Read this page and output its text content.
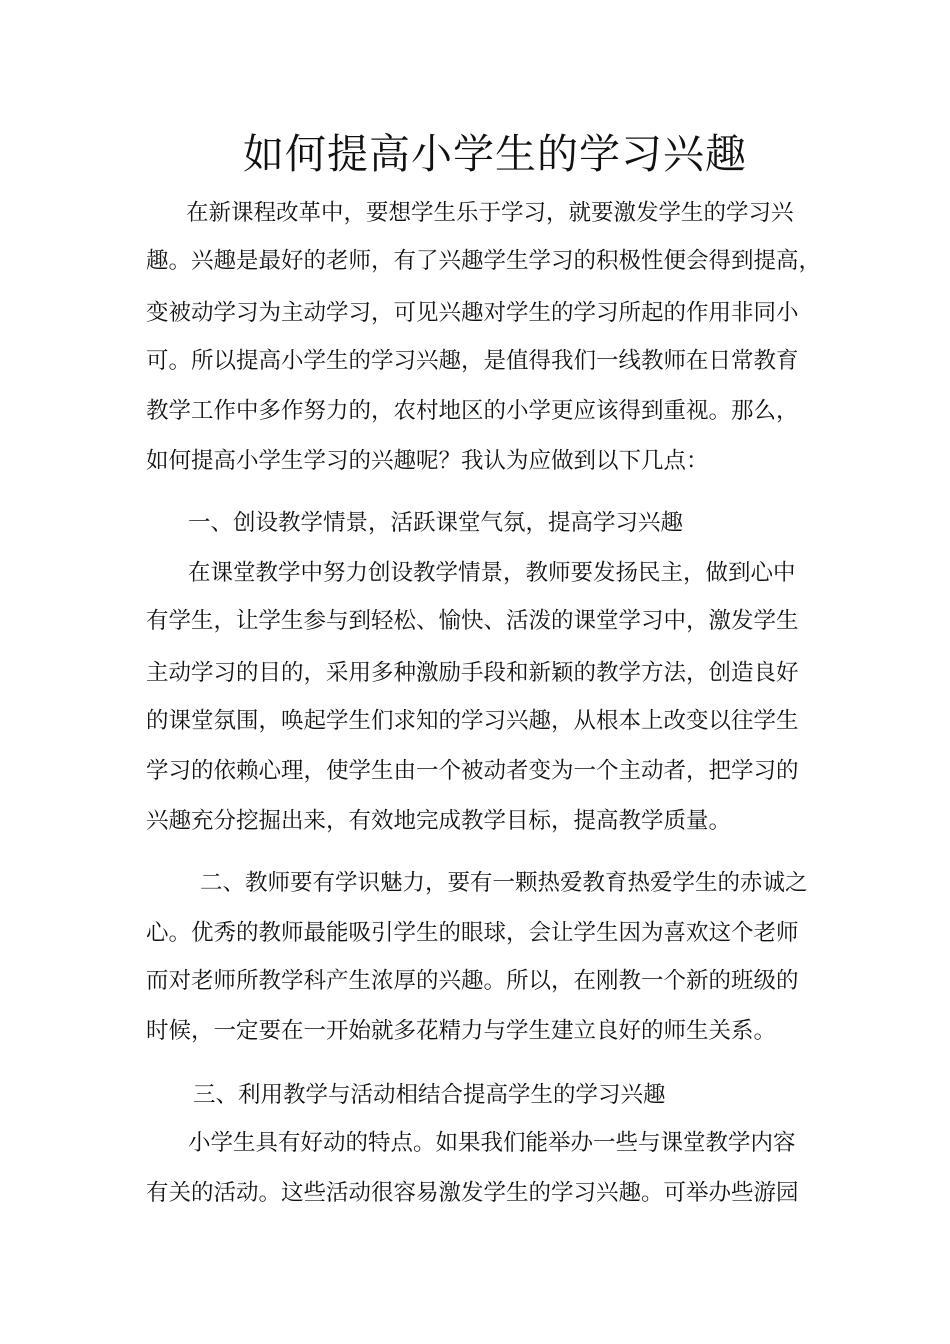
如何提高小学生的学习兴趣

在新课程改革中，要想学生乐于学习，就要激发学生的学习兴

趣。兴趣是最好的老师，有了兴趣学生学习的积极性便会得到提高，

变被动学习为主动学习，可见兴趣对学生的学习所起的作用非同小

可。所以提高小学生的学习兴趣，是值得我们一线教师在日常教育

教学工作中多作努力的，农村地区的小学更应该得到重视。那么，

如何提高小学生学习的兴趣呢？我认为应做到以下几点：

一、创设教学情景，活跃课堂气氛，提高学习兴趣

在课堂教学中努力创设教学情景，教师要发扬民主，做到心中

有学生，让学生参与到轻松、愉快、活泼的课堂学习中，激发学生

主动学习的目的，采用多种激励手段和新颖的教学方法，创造良好

的课堂氛围，唤起学生们求知的学习兴趣，从根本上改变以往学生

学习的依赖心理，使学生由一个被动者变为一个主动者，把学习的

兴趣充分挖掘出来，有效地完成教学目标，提高教学质量。

二、教师要有学识魅力，要有一颗热爱教育热爱学生的赤诚之

心。优秀的教师最能吸引学生的眼球，会让学生因为喜欢这个老师

而对老师所教学科产生浓厚的兴趣。所以，在刚教一个新的班级的

时候，一定要在一开始就多花精力与学生建立良好的师生关系。

三、利用教学与活动相结合提高学生的学习兴趣

小学生具有好动的特点。如果我们能举办一些与课堂教学内容

有关的活动。这些活动很容易激发学生的学习兴趣。可举办些游园
